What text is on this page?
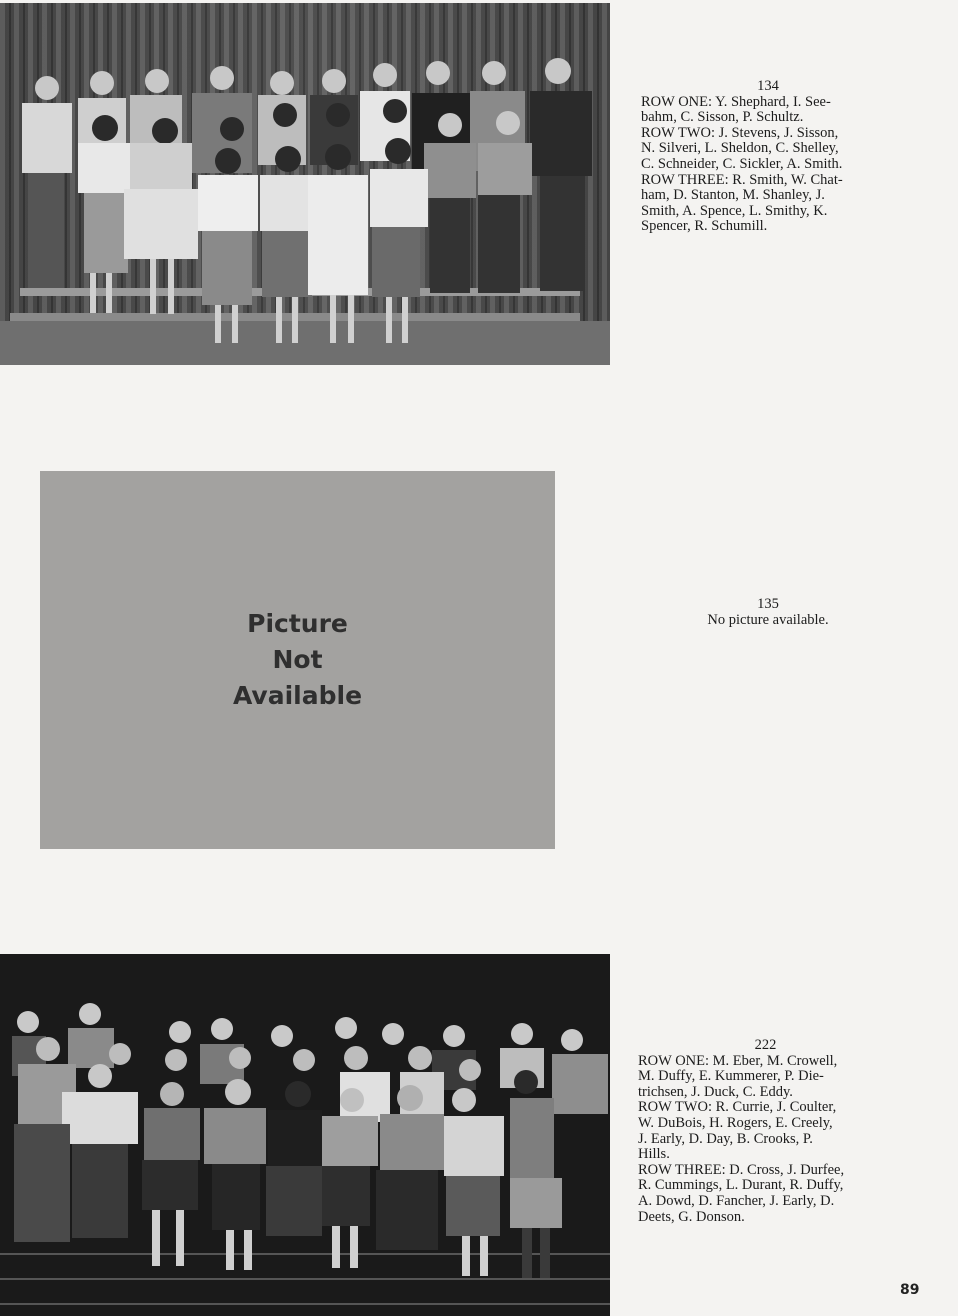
134
ROW ONE: Y. Shephard, I. See-
bahm, C. Sisson, P. Schultz.
ROW TWO: J. Stevens, J. Sisson,
N. Silveri, L. Sheldon, C. Shelley,
C. Schneider, C. Sickler, A. Smith.
ROW THREE: R. Smith, W. Chat-
ham, D. Stanton, M. Shanley, J.
Smith, A. Spence, L. Smithy, K.
Spencer, R. Schumill.
Picture
Not
Available
135
No picture available.
222
ROW ONE: M. Eber, M. Crowell,
M. Duffy, E. Kummerer, P. Die-
trichsen, J. Duck, C. Eddy.
ROW TWO: R. Currie, J. Coulter,
W. DuBois, H. Rogers, E. Creely,
J. Early, D. Day, B. Crooks, P.
Hills.
ROW THREE: D. Cross, J. Durfee,
R. Cummings, L. Durant, R. Duffy,
A. Dowd, D. Fancher, J. Early, D.
Deets, G. Donson.
89
